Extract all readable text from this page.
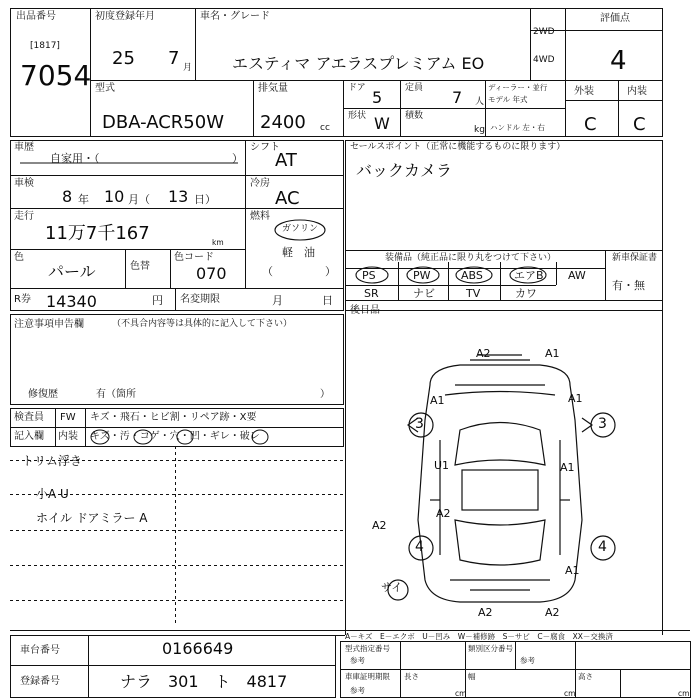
出品番号
[1817]
7054
初度登録年月
25 7 月
車名・グレード
エスティマ アエラスプレミアム EO
2WD
4WD
評価点
4
外装	内装
C C
型式
DBA-ACR50W
排気量
2400 cc
ドア 5	定員 7 人
ディーラー・並行
モデル 年式
形状 W 積数
kg ハンドル 左・右
車歴
自家用・（	）
シフト
AT
車検
8 年 10 月（ 13 日）
冷房
AC
走行
11万7千167	km
燃料
ガソリン
軽　油
（	）
色
パール	色替
色コード
070
R券 14340	円 名変期限	月	日
セールスポイント（正常に機能するものに限ります）
バックカメラ
装備品（純正品に限り丸をつけて下さい）	新車保証書
有・無
PS	PW	ABS	エアB AW
SR	ナビ	TV	カワ
後日品
注意事項申告欄	（不具合内容等は具体的に記入して下さい）
修復歴	有（箇所	）
検査員
記入欄
FW キズ・飛石・ヒビ割・リペア跡・X要
内装 キズ・汚・コゲ・穴・凹・ギレ・破レ
トリム浮き
小A U
ホイル ドアミラー A
A2	A1
A1	A1
U1	A1
A2
A2
A1
A2	A2
3	3
4	4
サイ
A－キズ　E－エクボ　U－凹み　W－補修跡　S－サビ　C－腐食　XX－交換済
車台番号	0166649
登録番号	ナラ　301　ト　4817
型式指定番号
参考
類別区分番号
参考
車庫証明期限
参考
長さ
cm
幅
cm
高さ
cm
